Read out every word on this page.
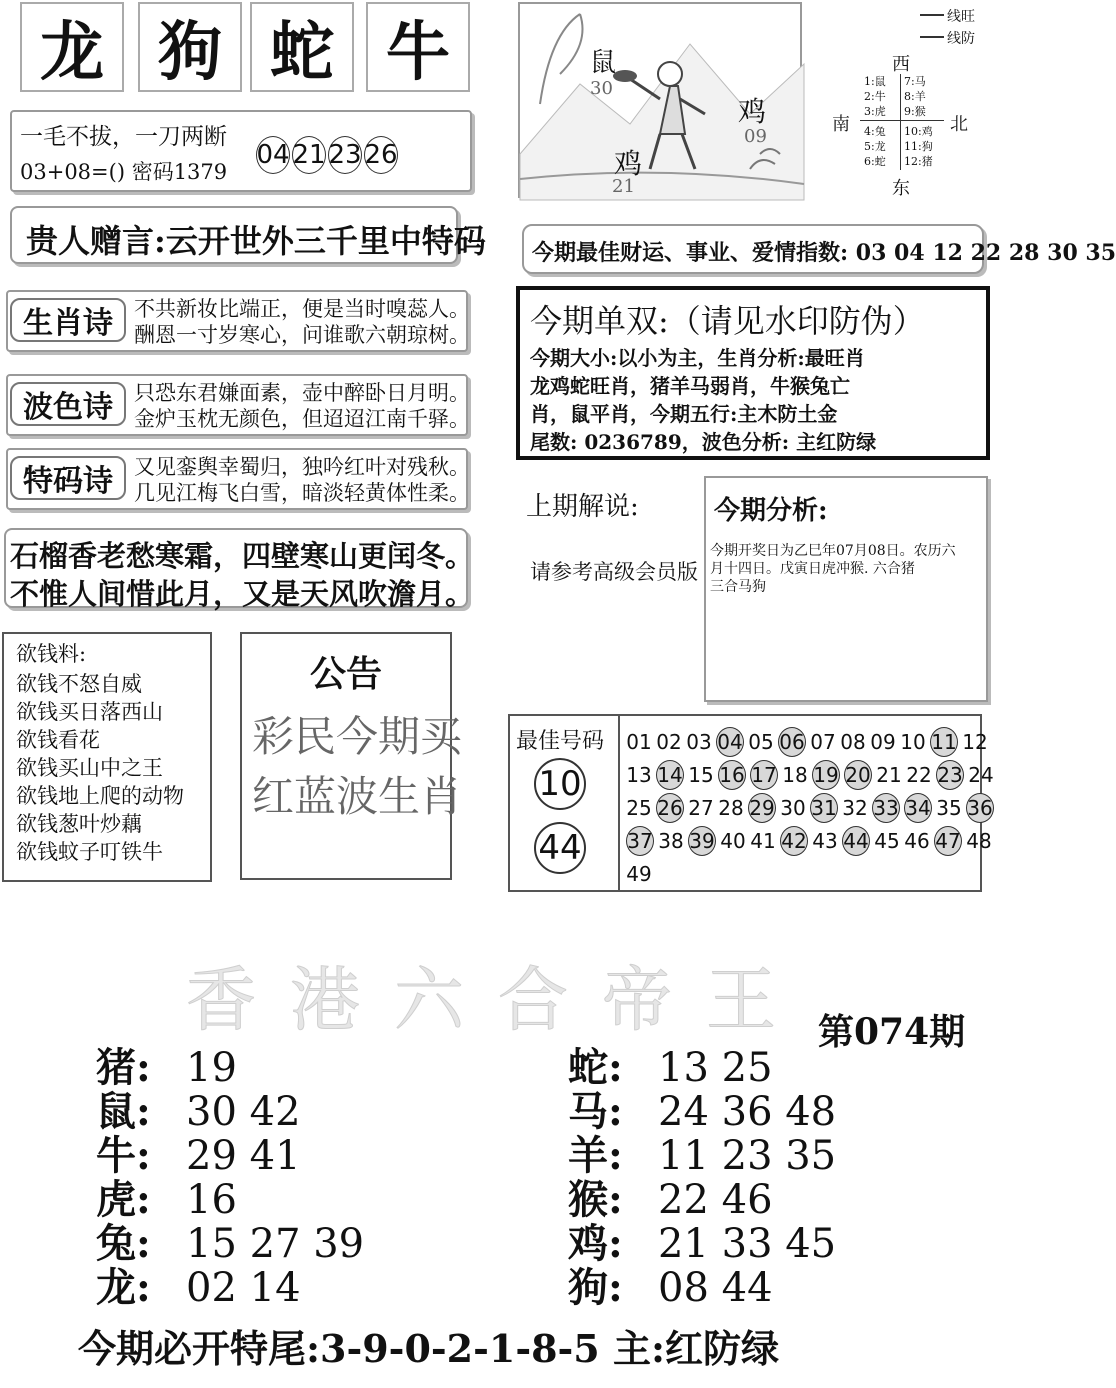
龙 狗 蛇 牛
一毛不拔，一刀两断
03+08=() 密码1379
04 21 23 26
贵人赠言:云开世外三千里中特码
生肖诗	不共新妆比端正，便是当时嗅蕊人。
酬恩一寸岁寒心，问谁歌六朝琼树。
波色诗	只恐东君嫌面素，壶中醉卧日月明。
金炉玉枕无颜色，但迢迢江南千驿。
特码诗	又见銮舆幸蜀归，独吟红叶对残秋。
几见江梅飞白雪，暗淡轻黄体性柔。
石榴香老愁寒霜，四壁寒山更闰冬。
不惟人间惜此月，又是天风吹澹月。
欲钱料:
欲钱不怒自威
欲钱买日落西山
欲钱看花
欲钱买山中之王
欲钱地上爬的动物
欲钱葱叶炒藕
欲钱蚊子叮铁牛
公告
彩民今期买
红蓝波生肖
鼠
30
鸡
09
鸡
21
线旺
线防
西
南	北
东
1:鼠
2:牛
3:虎
4:兔
5:龙
6:蛇
7:马
8:羊
9:猴
10:鸡
11:狗
12:猪
今期最佳财运、事业、爱情指数: 03 04 12 22 28 30 35
今期单双:（请见水印防伪）
今期大小:以小为主，生肖分析:最旺肖
龙鸡蛇旺肖，猪羊马弱肖，牛猴兔亡
肖，鼠平肖，今期五行:主木防土金
尾数: 0236789，波色分析: 主红防绿
上期解说:
请参考高级会员版
今期分析:
今期开奖日为乙巳年07月08日。农历六
月十四日。戊寅日虎冲猴. 六合猪
三合马狗
最佳号码
10
44
01 02 03 04 05 06 07 08 09 10 11 12
13 14 15 16 17 18 19 20 21 22 23 24
25 26 27 28 29 30 31 32 33 34 35 36
37 38 39 40 41 42 43 44 45 46 47 48
49
香港六合帝王 第074期
猪: 19
鼠: 30 42
牛: 29 41
虎: 16
兔: 15 27 39
龙: 02 14
蛇: 13 25
马: 24 36 48
羊: 11 23 35
猴: 22 46
鸡: 21 33 45
狗: 08 44
今期必开特尾:3-9-0-2-1-8-5 主:红防绿
